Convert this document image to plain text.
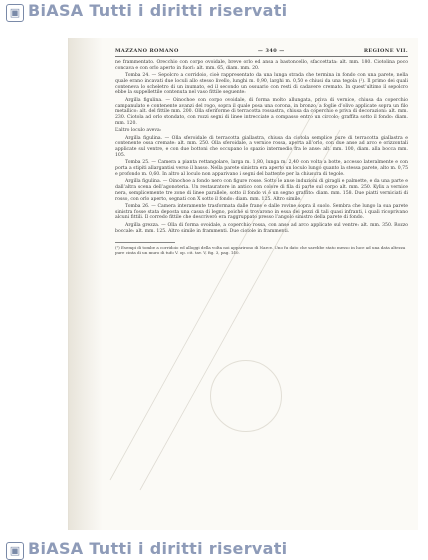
▣ BiASA Tutti i diritti riservati
MAZZANO ROMANO	— 340 —	REGIONE VII.

ne frammentato. Orecchio con corpo ovoidale, breve orlo ed ansa a bastoncello, sfaccettata: alt. mm. 180. Ciotolina poco concava e con orlo aperto in fuori: alt. mm. 65, diam. mm. 20.

Tomba 24. — Sepolcro a corridoio, cioè rappresentato da una lunga strada che termina in fondo con una parete, nella quale erano incavati due loculi allo stesso livello, lunghi m. 0,90, larghi m. 0,50 e chiusi da una tegola (¹). Il primo dei quali conteneva lo scheletro di un inumato, ed il secondo un ossuario con resti di cadavere cremato. In quest’ultimo il sepolcro ebbe la suppellettile contenuta nel vaso fittile seguente:

Argilla figulina. — Oinochoe con corpo ovoidale, di forma molto allungata, priva di vernice, chiusa da coperchio campanulato e contenente avanzi del rogo, sopra il quale posa una corona, in bronzo, a foglie d’olivo applicate sopra un filo metallico: alt. del fittile mm. 200. Olla sferiforme di terracotta rossastra, chiusa da coperchio e priva di decorazioni: alt. mm. 230. Ciotola ad orlo stondato, con rozzi segni di linee intrecciate a compasso entro un circolo; graffita sotto il fondo: diam. mm. 120.

L’altro loculo aveva:

Argilla figulina. — Olla sferoidale di terracotta giallastra, chiusa da ciotola semplice pure di terracotta giallastra e contenente ossa cremate: alt. mm. 250. Olla sferoidale, a vernice rossa, aperta all’orlo, con due anse ad arco e orizzontali applicate sul ventre, e con due bottoni che occupano lo spazio intermedio fra le anse: alt. mm. 100, diam. alla bocca mm. 105.

Tomba 25. — Camera a pianta rettangolare, larga m. 1,80, lunga m. 2,40 con volta a botte, accesso lateralmente e con porta a stipiti allargantisi verso il basso. Nella parete sinistra era aperto un loculo lungo quanto la stessa parete, alto m. 0,75 e profondo m. 0,60. In altro al loculo non apparivano i segni del battente per la chiusura di tegole.

Argilla figulina. — Oinochoe a fondo nero con figure rosse. Sotto le anse induzioni di giragli e palmette, e da una parte e dall’altra scena dell’agonoteria. Un restauratore in antico con colore di fila di parte sul corpo alt. mm. 250. Kylix a vernice nera, semplicemente tre zone di linee parallele, sotto il fondo vi è un segno graffito: diam. mm. 158. Due piatti verniciati di rosso, con orlo aperto, segnati con X sotto il fondo: diam. mm. 125. Altro simile.

Tomba 26. — Camera interamente trasformata dalle frane e dalle rovine sopra il suolo. Sembra che lungo la sua parete sinistra fosse stata deposta una cassa di legno, poiché si trovarono in essa dei pezzi di tali quasi infranti, i quali ricoprivano alcuni fittili. Il corredo fittile che descriverò era raggruppato presso l’angolo sinistro della parete di fondo.

Argilla grezza. — Olla di forma ovoidale, a coperchio rossa, con anse ad arco applicate sul ventre: alt. mm. 350. Rozzo boccale: alt. mm. 125. Altro simile in frammenti. Due ciotole in frammenti.

(¹) Esempi di tombe a corridoio ed alloggi della volta noi apparirono di Narce. Uno fu dato che sarebbe stato messo in luce ad una data altezza pure cinta di un muro di tufo V. op. cit. tav. V, fig. 3, pag. 140.

▣ BiASA Tutti i diritti riservati
